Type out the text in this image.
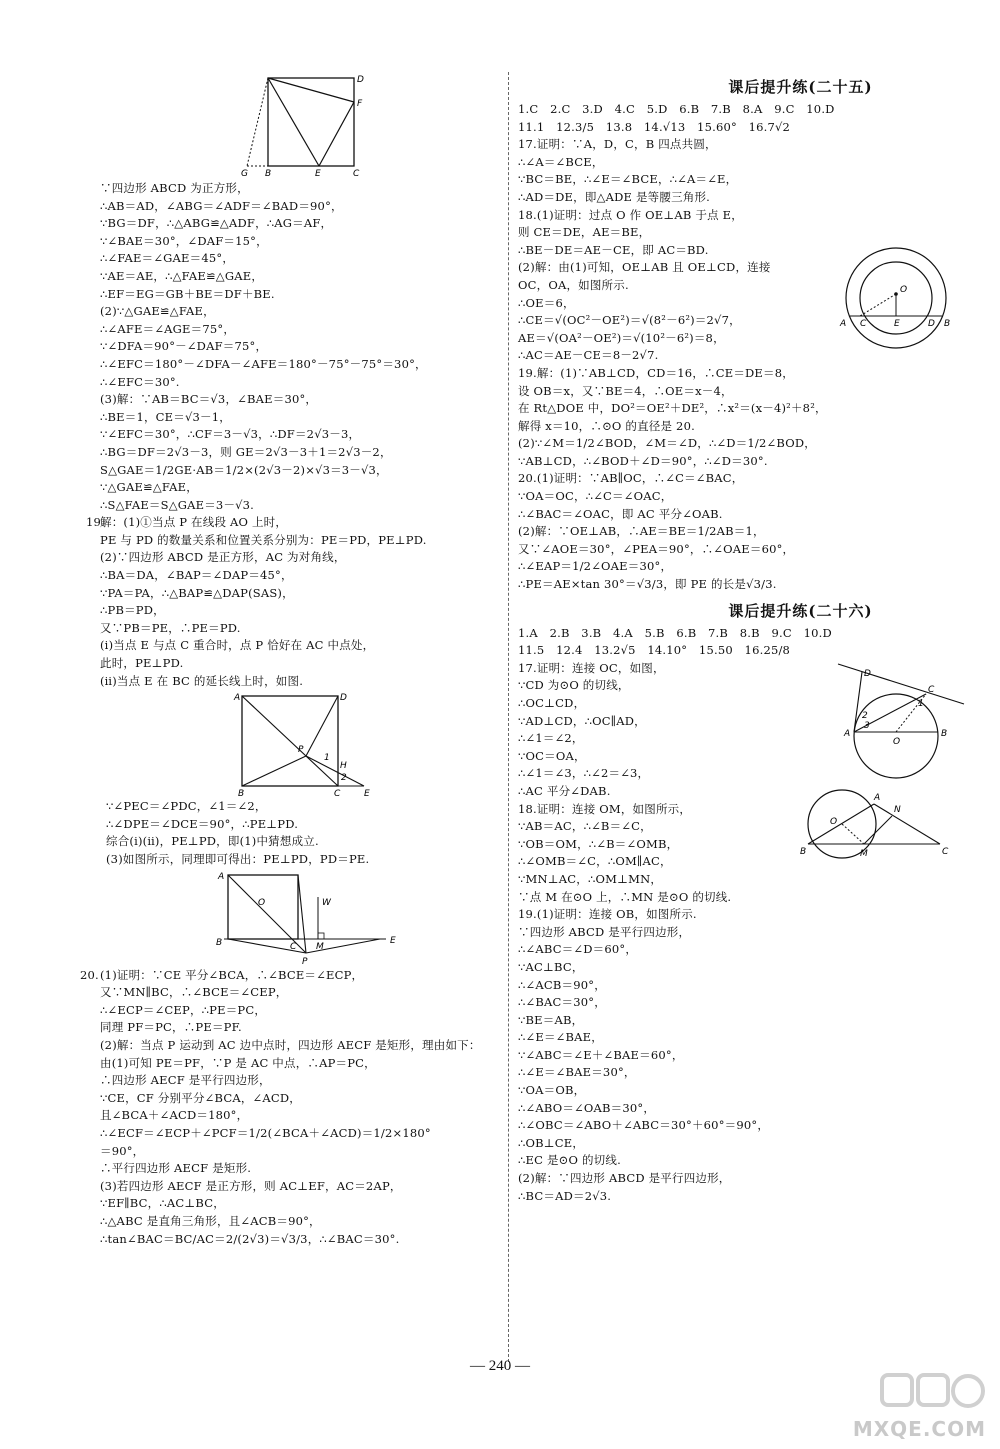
D
F
G B	E	C
∵四边形 ABCD 为正方形，
∴AB＝AD，∠ABG＝∠ADF＝∠BAD＝90°，
∵BG＝DF，∴△ABG≌△ADF，∴AG＝AF，
∵∠BAE＝30°，∠DAF＝15°，
∴∠FAE＝∠GAE＝45°，
∵AE＝AE，∴△FAE≌△GAE，
∴EF＝EG＝GB＋BE＝DF＋BE.
(2)∵△GAE≌△FAE，
∴∠AFE＝∠AGE＝75°，
∵∠DFA＝90°－∠DAF＝75°，
∴∠EFC＝180°－∠DFA－∠AFE＝180°－75°－75°＝30°，
∴∠EFC＝30°.
(3)解：∵AB＝BC＝√3，∠BAE＝30°，
∴BE＝1，CE＝√3－1，
∵∠EFC＝30°，∴CF＝3－√3，∴DF＝2√3－3，
∴BG＝DF＝2√3－3，则 GE＝2√3－3＋1＝2√3－2，
S△GAE＝1/2GE·AB＝1/2×(2√3－2)×√3＝3－√3，
∵△GAE≌△FAE，
∴S△FAE＝S△GAE＝3－√3.
19.
解：(1)①当点 P 在线段 AO 上时，
PE 与 PD 的数量关系和位置关系分别为：PE＝PD，PE⊥PD.
(2)∵四边形 ABCD 是正方形，AC 为对角线，
∴BA＝DA，∠BAP＝∠DAP＝45°，
∵PA＝PA，∴△BAP≌△DAP(SAS)，
∴PB＝PD，
又∵PB＝PE，∴PE＝PD.
(ⅰ)当点 E 与点 C 重合时，点 P 恰好在 AC 中点处，
此时，PE⊥PD.
(ⅱ)当点 E 在 BC 的延长线上时，如图.
A	D
P
H
1
2
B	C	E
∵∠PEC＝∠PDC，∠1＝∠2，
∴∠DPE＝∠DCE＝90°，∴PE⊥PD.
综合(ⅰ)(ⅱ)，PE⊥PD，即(1)中猜想成立.
(3)如图所示，同理即可得出：PE⊥PD，PD＝PE.
A
O	W
B	C M
E
P
20. (1)证明：∵CE 平分∠BCA，∴∠BCE＝∠ECP，
又∵MN∥BC，∴∠BCE＝∠CEP，
∴∠ECP＝∠CEP，∴PE＝PC，
同理 PF＝PC，∴PE＝PF.
(2)解：当点 P 运动到 AC 边中点时，四边形 AECF 是矩形，理由如下：
由(1)可知 PE＝PF，∵P 是 AC 中点，∴AP＝PC，
∴四边形 AECF 是平行四边形，
∵CE，CF 分别平分∠BCA，∠ACD，
且∠BCA＋∠ACD＝180°，
∴∠ECF＝∠ECP＋∠PCF＝1/2(∠BCA＋∠ACD)＝1/2×180°
＝90°，
∴平行四边形 AECF 是矩形.
(3)若四边形 AECF 是正方形，则 AC⊥EF，AC＝2AP，
∵EF∥BC，∴AC⊥BC，
∴△ABC 是直角三角形，且∠ACB＝90°，
∴tan∠BAC＝BC/AC＝2/(2√3)＝√3/3，∴∠BAC＝30°.
课后提升练(二十五)
1.C　2.C　3.D　4.C　5.D　6.B　7.B　8.A　9.C　10.D
11.1　12.3/5　13.8　14.√13　15.60°　16.7√2
17.证明：∵A，D，C，B 四点共圆，
∴∠A＝∠BCE，
∵BC＝BE，∴∠E＝∠BCE，∴∠A＝∠E，
∴AD＝DE，即△ADE 是等腰三角形.
18.(1)证明：过点 O 作 OE⊥AB 于点 E，
则 CE＝DE，AE＝BE，
∴BE－DE＝AE－CE，即 AC＝BD.
(2)解：由(1)可知，OE⊥AB 且 OE⊥CD，连接
OC，OA，如图所示.
∴OE＝6，
∴CE＝√(OC²－OE²)＝√(8²－6²)＝2√7，
AE＝√(OA²－OE²)＝√(10²－6²)＝8，
∴AC＝AE－CE＝8－2√7.
19.解：(1)∵AB⊥CD，CD＝16，∴CE＝DE＝8，
设 OB＝x，又∵BE＝4，∴OE＝x－4，
在 Rt△DOE 中，DO²＝OE²＋DE²，∴x²＝(x－4)²＋8²，
解得 x＝10，∴⊙O 的直径是 20.
(2)∵∠M＝1/2∠BOD，∠M＝∠D，∴∠D＝1/2∠BOD，
∵AB⊥CD，∴∠BOD＋∠D＝90°，∴∠D＝30°.
20.(1)证明：∵AB∥OC，∴∠C＝∠BAC，
∵OA＝OC，∴∠C＝∠OAC，
∴∠BAC＝∠OAC，即 AC 平分∠OAB.
(2)解：∵OE⊥AB，∴AE＝BE＝1/2AB＝1，
又∵∠AOE＝30°，∠PEA＝90°，∴∠OAE＝60°，
∴∠EAP＝1/2∠OAE＝30°，
∴PE＝AE×tan 30°＝√3/3，即 PE 的长是√3/3.
O
A C	E	D B
课后提升练(二十六)
1.A　2.B　3.B　4.A　5.B　6.B　7.B　8.B　9.C　10.D
11.5　12.4　13.2√5　14.10°　15.50　16.25/8
17.证明：连接 OC，如图，
∵CD 为⊙O 的切线，
∴OC⊥CD，
∵AD⊥CD，∴OC∥AD，
∴∠1＝∠2，
∵OC＝OA，
∴∠1＝∠3，∴∠2＝∠3，
∴AC 平分∠DAB.
18.证明：连接 OM，如图所示，
∵AB＝AC，∴∠B＝∠C，
∵OB＝OM，∴∠B＝∠OMB，
∴∠OMB＝∠C，∴OM∥AC，
∵MN⊥AC，∴OM⊥MN，
∵点 M 在⊙O 上，∴MN 是⊙O 的切线.
19.(1)证明：连接 OB，如图所示.
∵四边形 ABCD 是平行四边形，
∴∠ABC＝∠D＝60°，
∵AC⊥BC，
∴∠ACB＝90°，
∴∠BAC＝30°，
∵BE＝AB，
∴∠E＝∠BAE，
∵∠ABC＝∠E＋∠BAE＝60°，
∴∠E＝∠BAE＝30°，
∵OA＝OB，
∴∠ABO＝∠OAB＝30°，
∴∠OBC＝∠ABO＋∠ABC＝30°＋60°＝90°，
∴OB⊥CE，
∴EC 是⊙O 的切线.
(2)解：∵四边形 ABCD 是平行四边形，
∴BC＝AD＝2√3.
D
C
1
2
3
A
O
B
A
N
O
B	M	C
— 240 —
MXQE.COM
